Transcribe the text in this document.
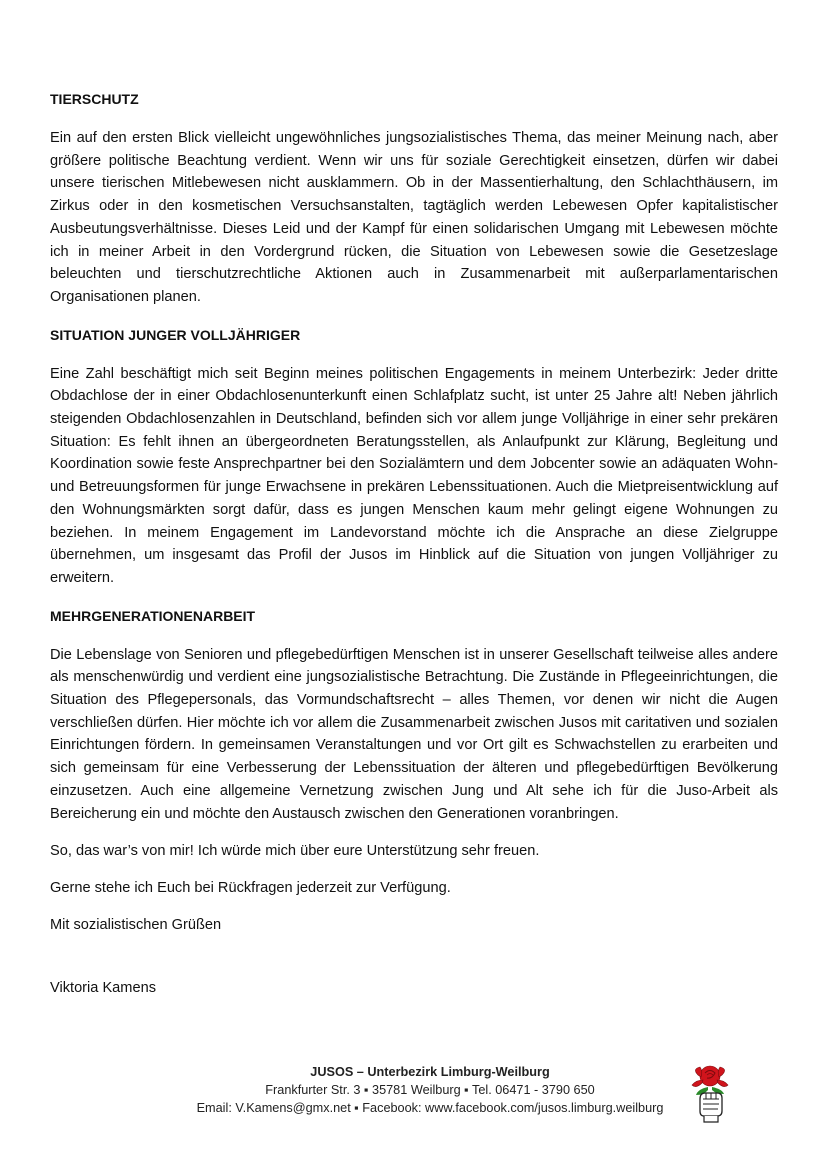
TIERSCHUTZ

Ein auf den ersten Blick vielleicht ungewöhnliches jungsozialistisches Thema, das meiner Meinung nach, aber größere politische Beachtung verdient. Wenn wir uns für soziale Gerechtigkeit einsetzen, dürfen wir dabei unsere tierischen Mitlebewesen nicht ausklammern. Ob in der Massentierhaltung, den Schlachthäusern, im Zirkus oder in den kosmetischen Versuchsanstalten, tagtäglich werden Lebewesen Opfer kapitalistischer Ausbeutungsverhältnisse. Dieses Leid und der Kampf für einen solidarischen Umgang mit Lebewesen möchte ich in meiner Arbeit in den Vordergrund rücken, die Situation von Lebewesen sowie die Gesetzeslage beleuchten und tierschutzrechtliche Aktionen auch in Zusammenarbeit mit außerparlamentarischen Organisationen planen.

SITUATION JUNGER VOLLJÄHRIGER

Eine Zahl beschäftigt mich seit Beginn meines politischen Engagements in meinem Unterbezirk: Jeder dritte Obdachlose der in einer Obdachlosenunterkunft einen Schlafplatz sucht, ist unter 25 Jahre alt! Neben jährlich steigenden Obdachlosenzahlen in Deutschland, befinden sich vor allem junge Volljährige in einer sehr prekären Situation: Es fehlt ihnen an übergeordneten Beratungsstellen, als Anlaufpunkt zur Klärung, Begleitung und Koordination sowie feste Ansprechpartner bei den Sozialämtern und dem Jobcenter sowie an adäquaten Wohn- und Betreuungsformen für junge Erwachsene in prekären Lebenssituationen. Auch die Mietpreisentwicklung auf den Wohnungsmärkten sorgt dafür, dass es jungen Menschen kaum mehr gelingt eigene Wohnungen zu beziehen. In meinem Engagement im Landevorstand möchte ich die Ansprache an diese Zielgruppe übernehmen, um insgesamt das Profil der Jusos im Hinblick auf die Situation von jungen Volljähriger zu erweitern.

MEHRGENERATIONENARBEIT

Die Lebenslage von Senioren und pflegebedürftigen Menschen ist in unserer Gesellschaft teilweise alles andere als menschenwürdig und verdient eine jungsozialistische Betrachtung. Die Zustände in Pflegeeinrichtungen, die Situation des Pflegepersonals, das Vormundschaftsrecht – alles Themen, vor denen wir nicht die Augen verschließen dürfen. Hier möchte ich vor allem die Zusammenarbeit zwischen Jusos mit caritativen und sozialen Einrichtungen fördern. In gemeinsamen Veranstaltungen und vor Ort gilt es Schwachstellen zu erarbeiten und sich gemeinsam für eine Verbesserung der Lebenssituation der älteren und pflegebedürftigen Bevölkerung einzusetzen. Auch eine allgemeine Vernetzung zwischen Jung und Alt sehe ich für die Juso-Arbeit als Bereicherung ein und möchte den Austausch zwischen den Generationen voranbringen.

So, das war’s von mir! Ich würde mich über eure Unterstützung sehr freuen.

Gerne stehe ich Euch bei Rückfragen jederzeit zur Verfügung.

Mit sozialistischen Grüßen

Viktoria Kamens

JUSOS – Unterbezirk Limburg-Weilburg
Frankfurter Str. 3 ▪ 35781 Weilburg ▪ Tel. 06471 - 3790 650
Email: V.Kamens@gmx.net ▪ Facebook: www.facebook.com/jusos.limburg.weilburg
